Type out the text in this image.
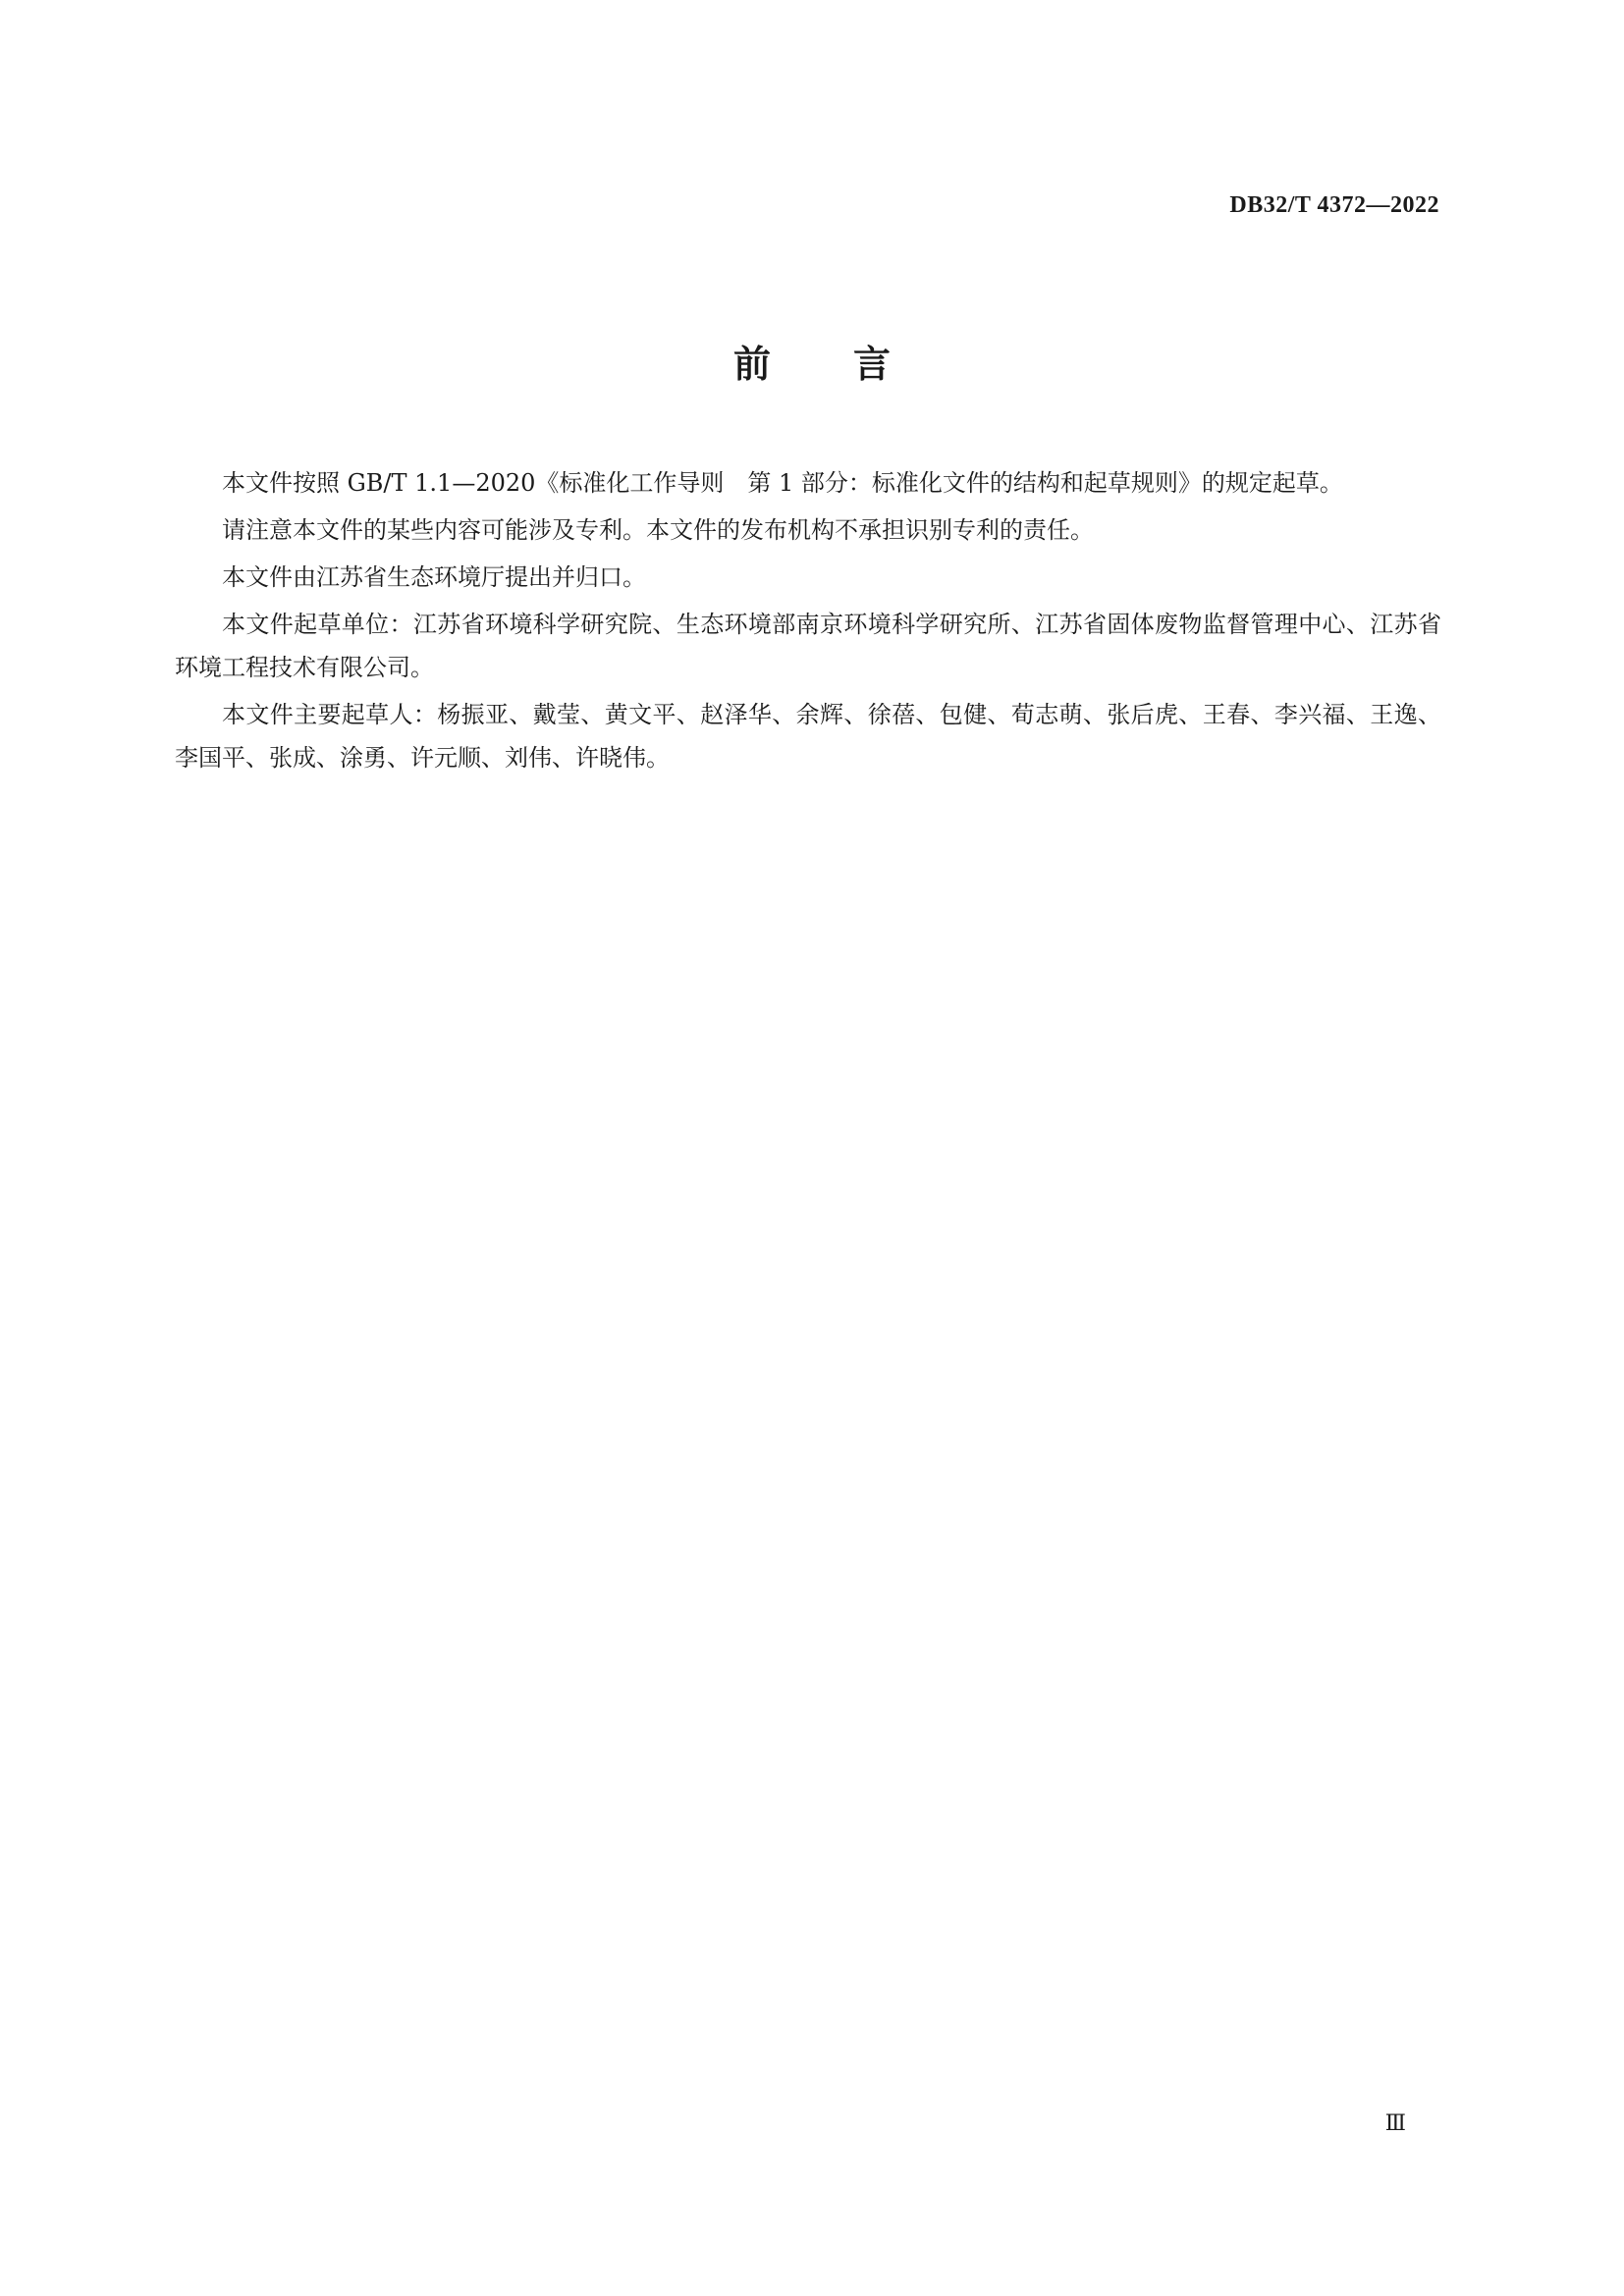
DB32/T 4372—2022
前言

本文件按照 GB/T 1.1—2020《标准化工作导则　第 1 部分：标准化文件的结构和起草规则》的规定起草。

请注意本文件的某些内容可能涉及专利。本文件的发布机构不承担识别专利的责任。

本文件由江苏省生态环境厅提出并归口。

本文件起草单位：江苏省环境科学研究院、生态环境部南京环境科学研究所、江苏省固体废物监督管理中心、江苏省环境工程技术有限公司。

本文件主要起草人：杨振亚、戴莹、黄文平、赵泽华、余辉、徐蓓、包健、荀志萌、张后虎、王春、李兴福、王逸、李国平、张成、涂勇、许元顺、刘伟、许晓伟。

Ⅲ
